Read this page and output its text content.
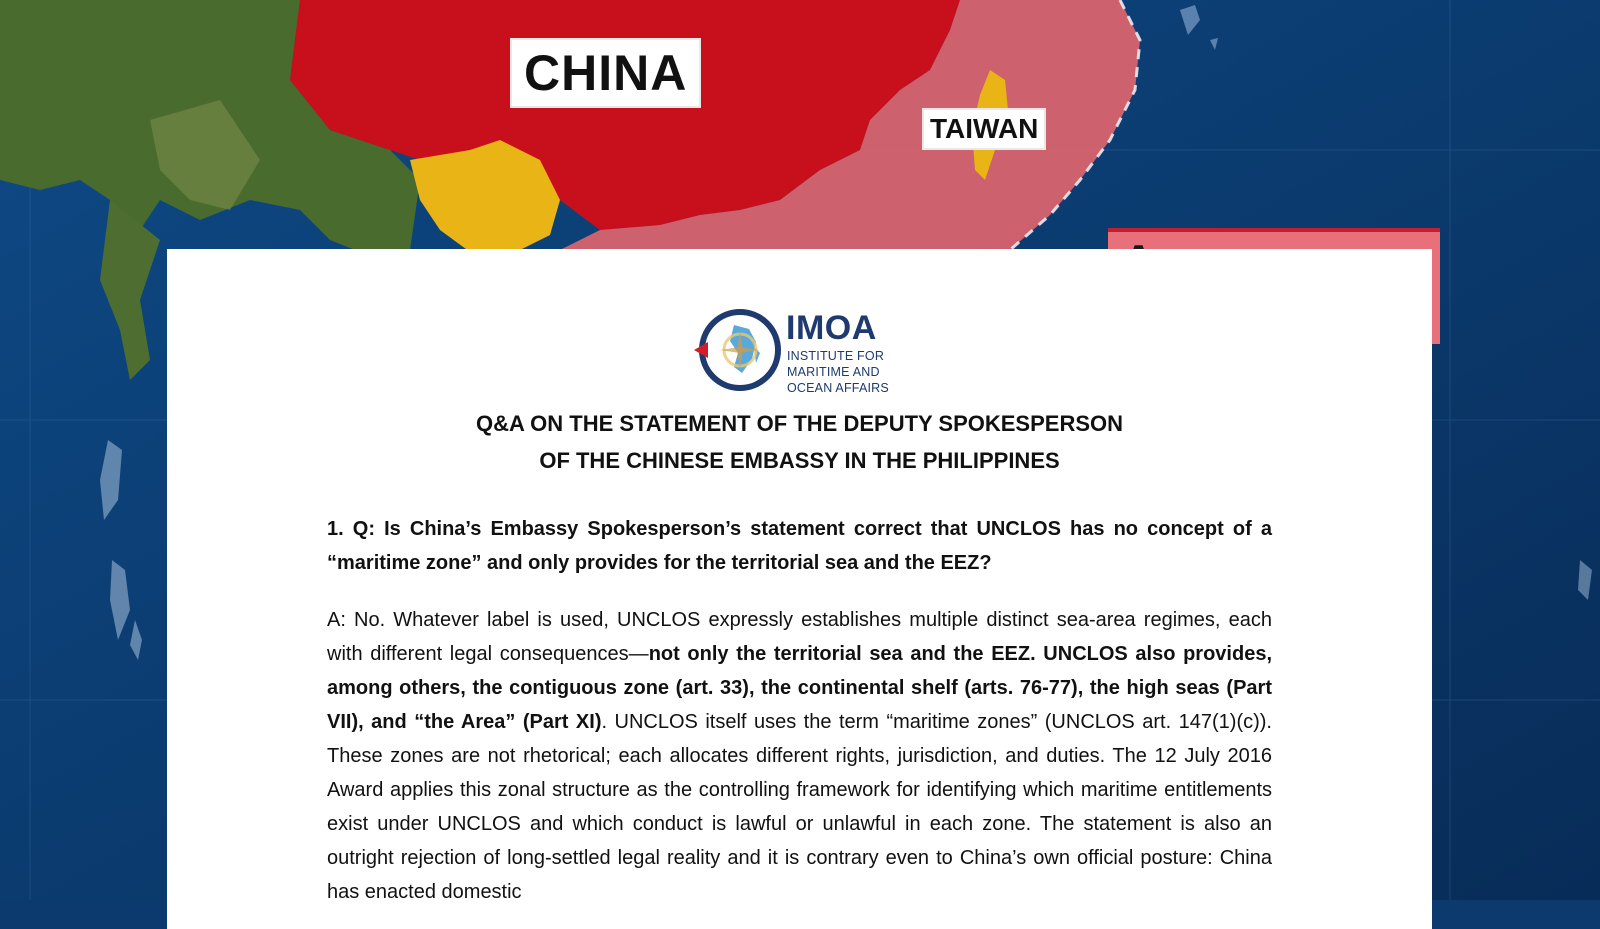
CHINA
TAIWAN
IMOA
INSTITUTE FOR
MARITIME AND
OCEAN AFFAIRS
Q&A ON THE STATEMENT OF THE DEPUTY SPOKESPERSON
OF THE CHINESE EMBASSY IN THE PHILIPPINES

1. Q: Is China’s Embassy Spokesperson’s statement correct that UNCLOS has no concept of a “maritime zone” and only provides for the territorial sea and the EEZ?

A: No. Whatever label is used, UNCLOS expressly establishes multiple distinct sea-area regimes, each with different legal consequences—not only the territorial sea and the EEZ. UNCLOS also provides, among others, the contiguous zone (art. 33), the continental shelf (arts. 76-77), the high seas (Part VII), and “the Area” (Part XI). UNCLOS itself uses the term “maritime zones” (UNCLOS art. 147(1)(c)). These zones are not rhetorical; each allocates different rights, jurisdiction, and duties. The 12 July 2016 Award applies this zonal structure as the controlling framework for identifying which maritime entitlements exist under UNCLOS and which conduct is lawful or unlawful in each zone. The statement is also an outright rejection of long-settled legal reality and it is contrary even to China’s own official posture: China has enacted domestic
